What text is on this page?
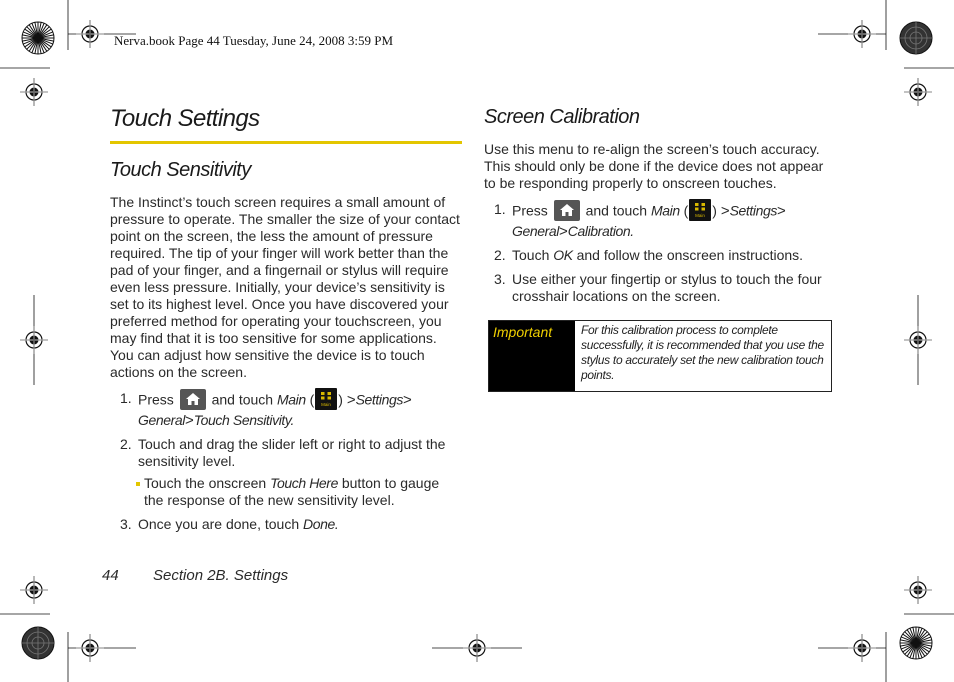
Nerva.book Page 44 Tuesday, June 24, 2008 3:59 PM
Touch Settings
Touch Sensitivity

The Instinct’s touch screen requires a small amount of pressure to operate. The smaller the size of your contact point on the screen, the less the amount of pressure required. The tip of your finger will work better than the pad of your finger, and a fingernail or stylus will require even less pressure. Initially, your device’s sensitivity is set to its highest level. Once you have discovered your preferred method for operating your touchscreen, you may find that it is too sensitive for some applications. You can adjust how sensitive the device is to touch actions on the screen.

1. Press	and touch Main ( Main ) >Settings>
General>Touch Sensitivity.
2. Touch and drag the slider left or right to adjust the sensitivity level.
Touch the onscreen Touch Here button to gauge the response of the new sensitivity level.
3. Once you are done, touch Done.
Screen Calibration

Use this menu to re-align the screen’s touch accuracy. This should only be done if the device does not appear to be responding properly to onscreen touches.

1. Press	and touch Main ( Main ) >Settings>
General>Calibration.
2. Touch OK and follow the onscreen instructions.
3. Use either your fingertip or stylus to touch the four crosshair locations on the screen.
Important	For this calibration process to complete successfully, it is recommended that you use the stylus to accurately set the new calibration touch points.
44 Section 2B. Settings
